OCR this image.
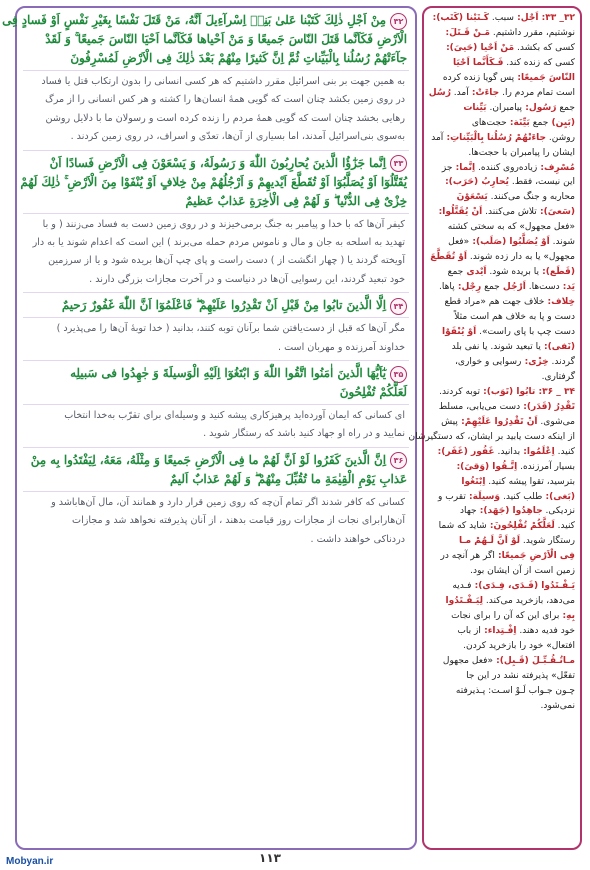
۳۲مِنْ اَجْلِ ذٰلِكَ كَتَبْنا عَلىٰ بَنِىۤ اِسْرآءِيلَ اَنَّهُ، مَنْ قَتَلَ نَفْسًا بِغَيْرِ نَفْسٍ اَوْ فَسادٍ فِى
الْاَرْضِ فَكَاَنَّما قَتَلَ النّاسَ جَميعًا وَ مَنْ اَحْياها فَكَاَنَّما اَحْيَا النّاسَ جَميعًا ۚ وَ لَقَدْ
جآءَتْهُمْ رُسُلُنا بِالْبَيِّناتِ ثُمَّ اِنَّ كَثيرًا مِنْهُمْ بَعْدَ ذٰلِكَ فِى الْاَرْضِ لَمُسْرِفُونَ
به همین جهت بر بنی اسرائیل مقرر داشتیم که هر کسی انسانی را بدون ارتکاب قتل یا فساد
در روی زمین بکشد چنان است که گویی همهٔ انسان‌ها را کشته و هر کس انسانی را از مرگ
رهایی بخشد چنان است که گویی همهٔ مردم را زنده کرده است و رسولان ما با دلایل روشن
به‌سوی بنی‌اسرائیل آمدند، اما بسیاری از آن‌ها، تعدّی و اسراف، در روی زمین کردند .
۳۳اِنَّما جَزٰٓؤُا الَّذينَ يُحارِبُونَ اللّٰهَ وَ رَسُولَهُ، وَ يَسْعَوْنَ فِى الْاَرْضِ فَسادًا اَنْ
يُقَتَّلُوٓا اَوْ يُصَلَّبُوٓا اَوْ تُقَطَّعَ اَيْديهِمْ وَ اَرْجُلُهُمْ مِنْ خِلافٍ اَوْ يُنْفَوْا مِنَ الْاَرْضِ ۚ ذٰلِكَ لَهُمْ
خِزْىٌ فِى الدُّنْيا ۖ وَ لَهُمْ فِى الْاٰخِرَةِ عَذابٌ عَظيمٌ
کیفر آن‌ها که با خدا و پیامبر به جنگ برمی‌خیزند و در روی زمین دست به فساد می‌زنند ( و با
تهدید به اسلحه به جان و مال و ناموس مردم حمله می‌برند ) این است که اعدام شوند یا به دار
آویخته گردند یا ( چهار انگشت از ) دست راست و پای چپ آن‌ها بریده شود و یا از سرزمین
خود تبعید گردند، این رسوایی آن‌ها در دنیاست و در آخرت مجازات بزرگی دارند .
۳۴اِلَّا الَّذينَ تابُوا مِنْ قَبْلِ اَنْ تَقْدِرُوا عَلَيْهِمْ ۖ فَاعْلَمُوٓا اَنَّ اللّٰهَ غَفُورٌ رَحيمٌ
مگر آن‌ها که قبل از دست‌یافتن شما برآنان توبه کنند، بدانید ( خدا توبهٔ آن‌ها را می‌پذیرد )
خداوند آمرزنده و مهربان است .
۳۵يٰٓاَيُّهَا الَّذينَ اٰمَنُوا اتَّقُوا اللّٰهَ وَ ابْتَغُوٓا اِلَيْهِ الْوَسيلَةَ وَ جٰهِدُوا فى سَبيلِه
لَعَلَّكُمْ تُفْلِحُونَ
ای کسانی که ایمان آورده‌اید پرهیزکاری پیشه کنید و وسیله‌ای برای تقرّب به‌خدا انتخاب
نمایید و در راه او جهاد کنید باشد که رستگار شوید .
۳۶اِنَّ الَّذينَ كَفَرُوا لَوْ اَنَّ لَهُمْ ما فِى الْاَرْضِ جَميعًا وَ مِثْلَهُ، مَعَهُ، لِيَفْتَدُوا بِه مِنْ
عَذابِ يَوْمِ الْقِيٰمَةِ ما تُقُبِّلَ مِنْهُمْ ۖ وَ لَهُمْ عَذابٌ اَليمٌ
کسانی که کافر شدند اگر تمام آن‌چه که روی زمین قرار دارد و همانند آن، مال آن‌هاباشد و
آن‌هارابرای نجات از مجازات روز قیامت بدهند ، از آنان پذیرفته نخواهد شد و مجازات
دردناکی خواهند داشت .
۳۲_ ۳۳: اَجْل: سبب. كَـتَبْنا (كَتَب):
نوشتیم، مقرر داشتیم. مَـنْ قَـتَلَ:
کسی که بکشد. مَنْ اَحْيا (حَيىَ):
کسی که زنده کند. فَـكَأَنَّما اَحْيَا
النّاسَ جَميعًا: پس گویا زنده کرده
است تمام مردم را. جاءَتْ: آمد. رُسُل
جمع رَسُول: پیامبران. بَيِّنات
(بَيِن) جمع بَيِّنَة: حجت‌های
روشن. جاءَتْهُمْ رُسُلُنا بِالْبَيِّناتِ: آمد
ایشان را پیامبران با حجت‌ها.
مُسْرِف: زیاده‌روی کننده. اِنَّما: جز
این نیست، فقط. يُحارِبُ (حَرَب):
محاربه و جنگ می‌کنند. يَسْعَوْنَ
(سَعىَ): تلاش می‌کنند. اَنْ يُقَتَّلُوا:
«فعل مجهول» که به سختی کشته
شوند. اَوْ يُصَلَّبُوا (صَلَب): «فعل
مجهول» یا به دار زده شوند. اَوْ تُقَطَّعَ
(قَطَع): یا بریده شود. اَيْدی جمع
يَد: دست‌ها. اَرْجُل جمع رِجْل: پاها.
خِلاف: خلاف جهت هم «مراد قطع
دست و پا به خلاف هم است مثلاً
دست چپ با پای راست». اَوْ يُنْفَوْا
(نَفى): یا تبعید شوند. یا نفی بلد
گردند. خِزْى: رسوایی و خواری،
گرفتاری.
۳۴ _ ۳۶: تابُوا (تَوَب): توبه کردند.
تَقْدِرُ (قَدَر): دست می‌یابی، مسلط
می‌شوی. اَنْ تَقْدِرُوا عَلَيْهِمْ: پیش
از اینکه دست یابید بر ایشان، که دستگیرشان
کنید. اِعْلَمُوا: بدانید. غَفُور (غَفَر):
بسیار آمرزنده. اِتَّـقُوا (وَقىَ):
بترسید، تقوا پیشه کنید. اِبْتَغُوا
(بَغى): طلب کنید. وَسيلَة: تقرب و
نزدیکی. جاهِدُوا (جَهَد): جهاد
کنید. لَعَلَّكُمْ تُفْلِحُونَ: شاید که شما
رستگار شوید. لَوْ اَنَّ لَـهُمْ مـا
فِى الْاَرْضِ جَميعًا: اگر هر آنچه در
زمین است از آن ایشان بود.
يَـفْـتَدُوا (فَـدَى، فِـدَى): فـدیه
می‌دهد، بازخرید می‌کند. لِيَـفْـتَدُوا
بِهِ: برای این که آن را برای نجات
خود فدیه دهند. اِفْـتِداء: از باب
افتعال» خود را بازخرید کردن.
مـاتُـقُـبِّـلَ (قَـبِل): «فعل مجهول
تفعّل» پذیرفته نشد در این جا
چـون جـواب لَـوْ اسـت: پـذیرفته
نمی‌شود.
۱۱۳
Mobyan.ir
